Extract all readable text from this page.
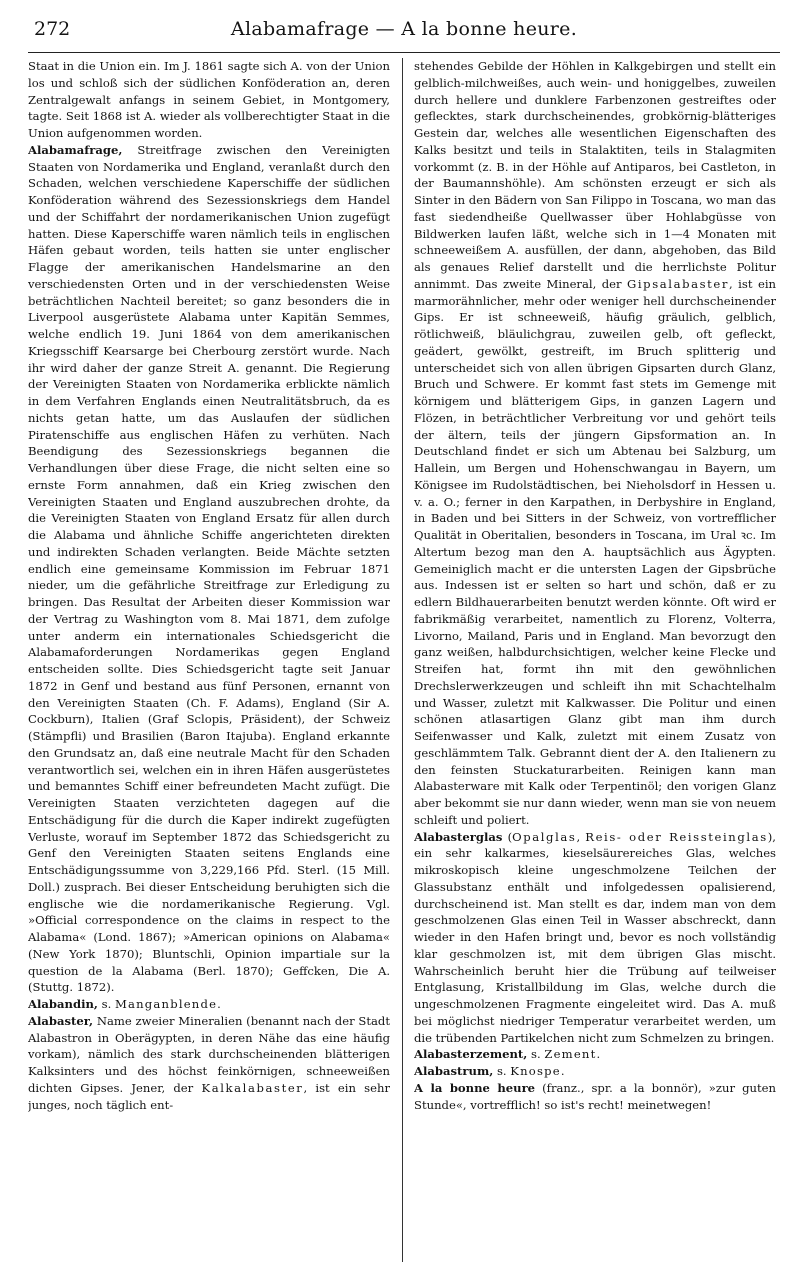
272	Alabamafrage — A la bonne heure.

Staat in die Union ein. Im J. 1861 sagte sich A. von der Union los und schloß sich der südlichen Konföderation an, deren Zentralgewalt anfangs in seinem Gebiet, in Montgomery, tagte. Seit 1868 ist A. wieder als vollberechtigter Staat in die Union aufgenommen worden.

Alabamafrage, Streitfrage zwischen den Vereinigten Staaten von Nordamerika und England, veranlaßt durch den Schaden, welchen verschiedene Kaperschiffe der südlichen Konföderation während des Sezessionskriegs dem Handel und der Schiffahrt der nordamerikanischen Union zugefügt hatten. Diese Kaperschiffe waren nämlich teils in englischen Häfen gebaut worden, teils hatten sie unter englischer Flagge der amerikanischen Handelsmarine an den verschiedensten Orten und in der verschiedensten Weise beträchtlichen Nachteil bereitet; so ganz besonders die in Liverpool ausgerüstete Alabama unter Kapitän Semmes, welche endlich 19. Juni 1864 von dem amerikanischen Kriegsschiff Kearsarge bei Cherbourg zerstört wurde. Nach ihr wird daher der ganze Streit A. genannt. Die Regierung der Vereinigten Staaten von Nordamerika erblickte nämlich in dem Verfahren Englands einen Neutralitätsbruch, da es nichts getan hatte, um das Auslaufen der südlichen Piratenschiffe aus englischen Häfen zu verhüten. Nach Beendigung des Sezessionskriegs begannen die Verhandlungen über diese Frage, die nicht selten eine so ernste Form annahmen, daß ein Krieg zwischen den Vereinigten Staaten und England auszubrechen drohte, da die Vereinigten Staaten von England Ersatz für allen durch die Alabama und ähnliche Schiffe angerichteten direkten und indirekten Schaden verlangten. Beide Mächte setzten endlich eine gemeinsame Kommission im Februar 1871 nieder, um die gefährliche Streitfrage zur Erledigung zu bringen. Das Resultat der Arbeiten dieser Kommission war der Vertrag zu Washington vom 8. Mai 1871, dem zufolge unter anderm ein internationales Schiedsgericht die Alabamaforderungen Nordamerikas gegen England entscheiden sollte. Dies Schiedsgericht tagte seit Januar 1872 in Genf und bestand aus fünf Personen, ernannt von den Vereinigten Staaten (Ch. F. Adams), England (Sir A. Cockburn), Italien (Graf Sclopis, Präsident), der Schweiz (Stämpfli) und Brasilien (Baron Itajuba). England erkannte den Grundsatz an, daß eine neutrale Macht für den Schaden verantwortlich sei, welchen ein in ihren Häfen ausgerüstetes und bemanntes Schiff einer befreundeten Macht zufügt. Die Vereinigten Staaten verzichteten dagegen auf die Entschädigung für die durch die Kaper indirekt zugefügten Verluste, worauf im September 1872 das Schiedsgericht zu Genf den Vereinigten Staaten seitens Englands eine Entschädigungssumme von 3,229,166 Pfd. Sterl. (15 Mill. Doll.) zusprach. Bei dieser Entscheidung beruhigten sich die englische wie die nordamerikanische Regierung. Vgl. »Official correspondence on the claims in respect to the Alabama« (Lond. 1867); »American opinions on Alabama« (New York 1870); Bluntschli, Opinion impartiale sur la question de la Alabama (Berl. 1870); Geffcken, Die A. (Stuttg. 1872).

Alabandin, s. Manganblende.

Alabaster, Name zweier Mineralien (benannt nach der Stadt Alabastron in Oberägypten, in deren Nähe das eine häufig vorkam), nämlich des stark durchscheinenden blätterigen Kalksinters und des höchst feinkörnigen, schneeweißen dichten Gipses. Jener, der Kalkalabaster, ist ein sehr junges, noch täglich ent-

stehendes Gebilde der Höhlen in Kalkgebirgen und stellt ein gelblich-milchweißes, auch wein- und honiggelbes, zuweilen durch hellere und dunklere Farbenzonen gestreiftes oder geflecktes, stark durchscheinendes, grobkörnig-blätteriges Gestein dar, welches alle wesentlichen Eigenschaften des Kalks besitzt und teils in Stalaktiten, teils in Stalagmiten vorkommt (z. B. in der Höhle auf Antiparos, bei Castleton, in der Baumannshöhle). Am schönsten erzeugt er sich als Sinter in den Bädern von San Filippo in Toscana, wo man das fast siedendheiße Quellwasser über Hohlabgüsse von Bildwerken laufen läßt, welche sich in 1—4 Monaten mit schneeweißem A. ausfüllen, der dann, abgehoben, das Bild als genaues Relief darstellt und die herrlichste Politur annimmt. Das zweite Mineral, der Gipsalabaster, ist ein marmorähnlicher, mehr oder weniger hell durchscheinender Gips. Er ist schneeweiß, häufig gräulich, gelblich, rötlichweiß, bläulichgrau, zuweilen gelb, oft gefleckt, geädert, gewölkt, gestreift, im Bruch splitterig und unterscheidet sich von allen übrigen Gipsarten durch Glanz, Bruch und Schwere. Er kommt fast stets im Gemenge mit körnigem und blätterigem Gips, in ganzen Lagern und Flözen, in beträchtlicher Verbreitung vor und gehört teils der ältern, teils der jüngern Gipsformation an. In Deutschland findet er sich um Abtenau bei Salzburg, um Hallein, um Bergen und Hohenschwangau in Bayern, um Königsee im Rudolstädtischen, bei Nieholsdorf in Hessen u. v. a. O.; ferner in den Karpathen, in Derbyshire in England, in Baden und bei Sitters in der Schweiz, von vortrefflicher Qualität in Oberitalien, besonders in Toscana, im Ural ꝛc. Im Altertum bezog man den A. hauptsächlich aus Ägypten. Gemeiniglich macht er die untersten Lagen der Gipsbrüche aus. Indessen ist er selten so hart und schön, daß er zu edlern Bildhauerarbeiten benutzt werden könnte. Oft wird er fabrikmäßig verarbeitet, namentlich zu Florenz, Volterra, Livorno, Mailand, Paris und in England. Man bevorzugt den ganz weißen, halbdurchsichtigen, welcher keine Flecke und Streifen hat, formt ihn mit den gewöhnlichen Drechslerwerkzeugen und schleift ihn mit Schachtelhalm und Wasser, zuletzt mit Kalkwasser. Die Politur und einen schönen atlasartigen Glanz gibt man ihm durch Seifenwasser und Kalk, zuletzt mit einem Zusatz von geschlämmtem Talk. Gebrannt dient der A. den Italienern zu den feinsten Stuckaturarbeiten. Reinigen kann man Alabasterware mit Kalk oder Terpentinöl; den vorigen Glanz aber bekommt sie nur dann wieder, wenn man sie von neuem schleift und poliert.

Alabasterglas (Opalglas, Reis- oder Reissteinglas), ein sehr kalkarmes, kieselsäurereiches Glas, welches mikroskopisch kleine ungeschmolzene Teilchen der Glassubstanz enthält und infolgedessen opalisierend, durchscheinend ist. Man stellt es dar, indem man von dem geschmolzenen Glas einen Teil in Wasser abschreckt, dann wieder in den Hafen bringt und, bevor es noch vollständig klar geschmolzen ist, mit dem übrigen Glas mischt. Wahrscheinlich beruht hier die Trübung auf teilweiser Entglasung, Kristallbildung im Glas, welche durch die ungeschmolzenen Fragmente eingeleitet wird. Das A. muß bei möglichst niedriger Temperatur verarbeitet werden, um die trübenden Partikelchen nicht zum Schmelzen zu bringen.

Alabasterzement, s. Zement.

Alabastrum, s. Knospe.

A la bonne heure (franz., spr. a la bonnör), »zur guten Stunde«, vortrefflich! so ist's recht! meinetwegen!
